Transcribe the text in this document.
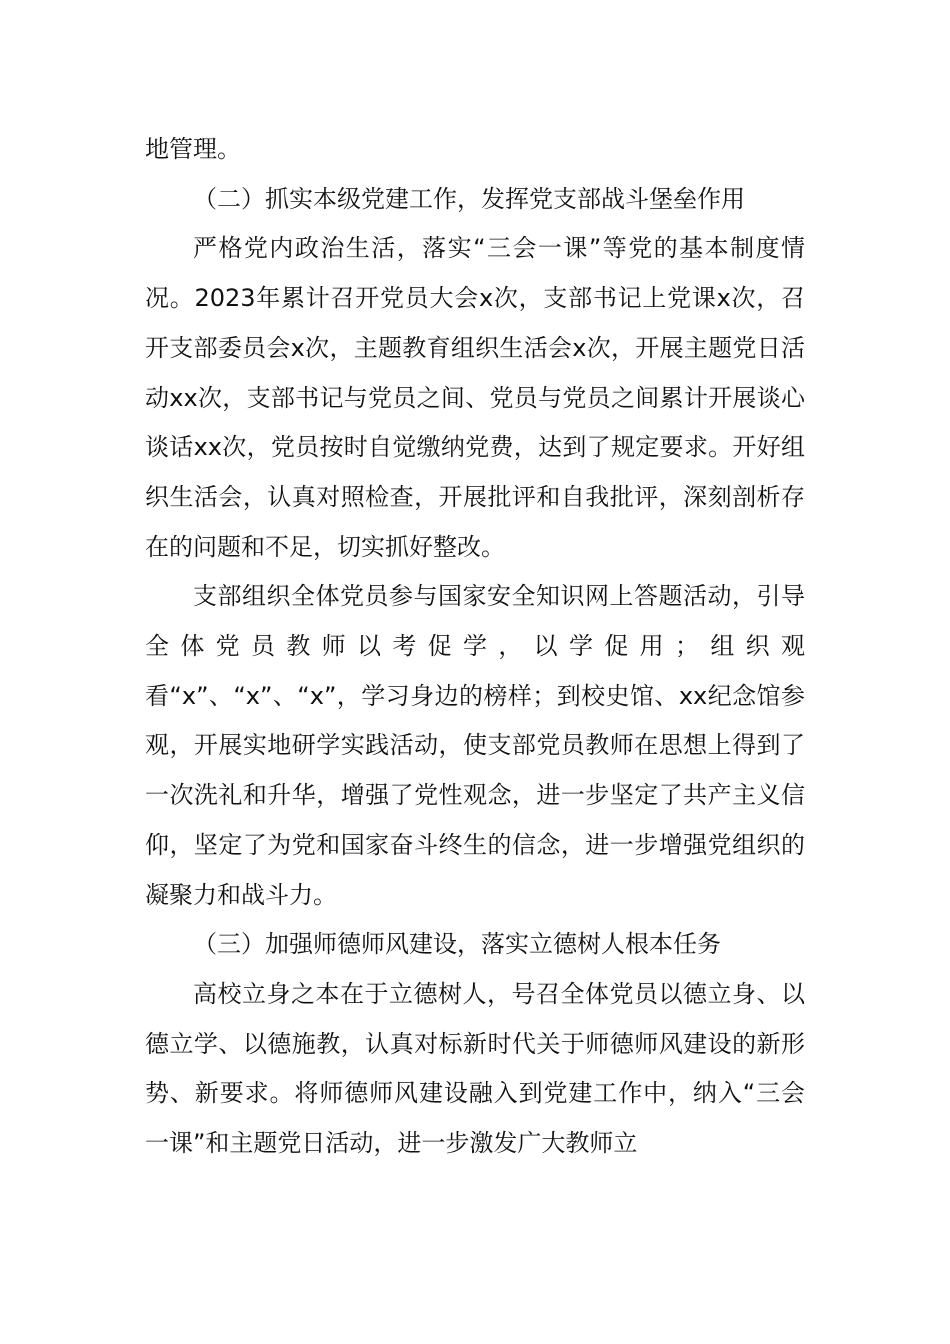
地管理。

（二）抓实本级党建工作，发挥党支部战斗堡垒作用

严格党内政治生活，落实“三会一课”等党的基本制度情况。2023年累计召开党员大会x次，支部书记上党课x次，召开支部委员会x次，主题教育组织生活会x次，开展主题党日活动xx次，支部书记与党员之间、党员与党员之间累计开展谈心谈话xx次，党员按时自觉缴纳党费，达到了规定要求。开好组织生活会，认真对照检查，开展批评和自我批评，深刻剖析存在的问题和不足，切实抓好整改。

支部组织全体党员参与国家安全知识网上答题活动，引导全体党员教师以考促学，以学促用；组织观看“x”、“x”、“x”，学习身边的榜样；到校史馆、xx纪念馆参观，开展实地研学实践活动，使支部党员教师在思想上得到了一次洗礼和升华，增强了党性观念，进一步坚定了共产主义信仰，坚定了为党和国家奋斗终生的信念，进一步增强党组织的凝聚力和战斗力。

（三）加强师德师风建设，落实立德树人根本任务

高校立身之本在于立德树人，号召全体党员以德立身、以德立学、以德施教，认真对标新时代关于师德师风建设的新形势、新要求。将师德师风建设融入到党建工作中，纳入“三会一课”和主题党日活动，进一步激发广大教师立
